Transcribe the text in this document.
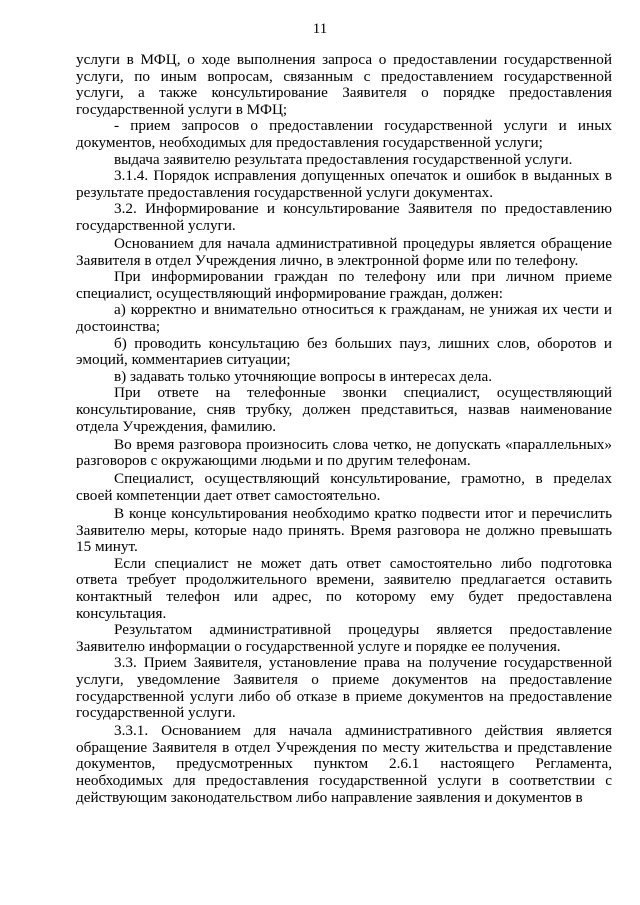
11

услуги в МФЦ, о ходе выполнения запроса о предоставлении государственной услуги, по иным вопросам, связанным с предоставлением государственной услуги, а также консультирование Заявителя о порядке предоставления государственной услуги в МФЦ;

- прием запросов о предоставлении государственной услуги и иных документов, необходимых для предоставления государственной услуги;

выдача заявителю результата предоставления государственной услуги.

3.1.4. Порядок исправления допущенных опечаток и ошибок в выданных в результате предоставления государственной услуги документах.

3.2. Информирование и консультирование Заявителя по предоставлению государственной услуги.

Основанием для начала административной процедуры является обращение Заявителя в отдел Учреждения лично, в электронной форме или по телефону.

При информировании граждан по телефону или при личном приеме специалист, осуществляющий информирование граждан, должен:

а) корректно и внимательно относиться к гражданам, не унижая их чести и достоинства;

б) проводить консультацию без больших пауз, лишних слов, оборотов и эмоций, комментариев ситуации;

в) задавать только уточняющие вопросы в интересах дела.

При ответе на телефонные звонки специалист, осуществляющий консультирование, сняв трубку, должен представиться, назвав наименование отдела Учреждения, фамилию.

Во время разговора произносить слова четко, не допускать «параллельных» разговоров с окружающими людьми и по другим телефонам.

Специалист, осуществляющий консультирование, грамотно, в пределах своей компетенции дает ответ самостоятельно.

В конце консультирования необходимо кратко подвести итог и перечислить Заявителю меры, которые надо принять. Время разговора не должно превышать 15 минут.

Если специалист не может дать ответ самостоятельно либо подготовка ответа требует продолжительного времени, заявителю предлагается оставить контактный телефон или адрес, по которому ему будет предоставлена консультация.

Результатом административной процедуры является предоставление Заявителю информации о государственной услуге и порядке ее получения.

3.3. Прием Заявителя, установление права на получение государственной услуги, уведомление Заявителя о приеме документов на предоставление государственной услуги либо об отказе в приеме документов на предоставление государственной услуги.

3.3.1. Основанием для начала административного действия является обращение Заявителя в отдел Учреждения по месту жительства и представление документов, предусмотренных пунктом 2.6.1 настоящего Регламента, необходимых для предоставления государственной услуги в соответствии с действующим законодательством либо направление заявления и документов в
